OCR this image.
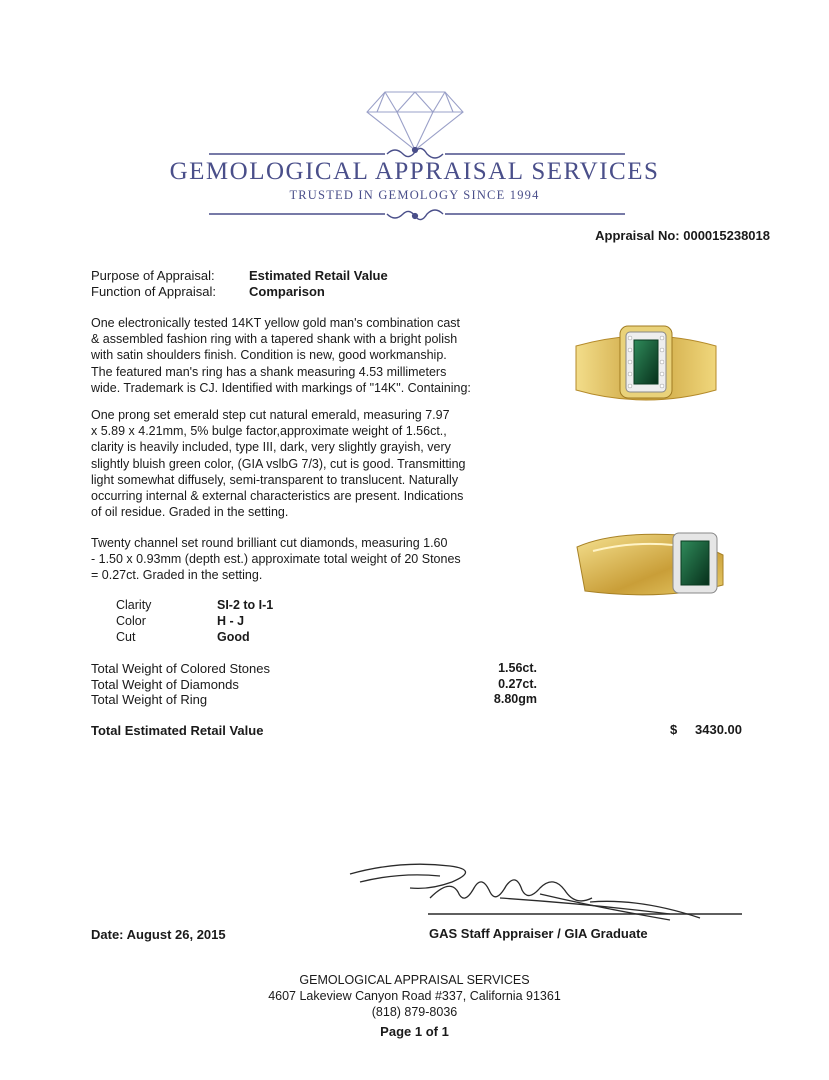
GEMOLOGICAL APPRAISAL SERVICES
TRUSTED IN GEMOLOGY SINCE 1994
Appraisal No: 000015238018
Purpose of Appraisal:	Estimated Retail Value
Function of Appraisal:	Comparison

One electronically tested 14KT yellow gold man's combination cast
& assembled fashion ring with a tapered shank with a bright polish
with satin shoulders finish. Condition is new, good workmanship.
The featured man's ring has a shank measuring 4.53 millimeters
wide. Trademark is CJ. Identified with markings of "14K". Containing:

One prong set emerald step cut natural emerald, measuring 7.97
x 5.89 x 4.21mm, 5% bulge factor,approximate weight of 1.56ct.,
clarity is heavily included, type III, dark, very slightly grayish, very
slightly bluish green color, (GIA vslbG 7/3), cut is good. Transmitting
light somewhat diffusely, semi-transparent to translucent. Naturally
occurring internal & external characteristics are present. Indications
of oil residue. Graded in the setting.

Twenty channel set round brilliant cut diamonds, measuring 1.60
- 1.50 x 0.93mm (depth est.) approximate total weight of 20 Stones
= 0.27ct. Graded in the setting.

Clarity	SI-2 to I-1
Color	H - J
Cut	Good
Total Weight of Colored Stones	1.56ct.
Total Weight of Diamonds	0.27ct.
Total Weight of Ring	8.80gm
Total Estimated Retail Value	$ 3430.00
Date: August 26, 2015	GAS Staff Appraiser / GIA Graduate
GEMOLOGICAL APPRAISAL SERVICES
4607 Lakeview Canyon Road #337, California 91361
(818) 879-8036
Page 1 of 1
